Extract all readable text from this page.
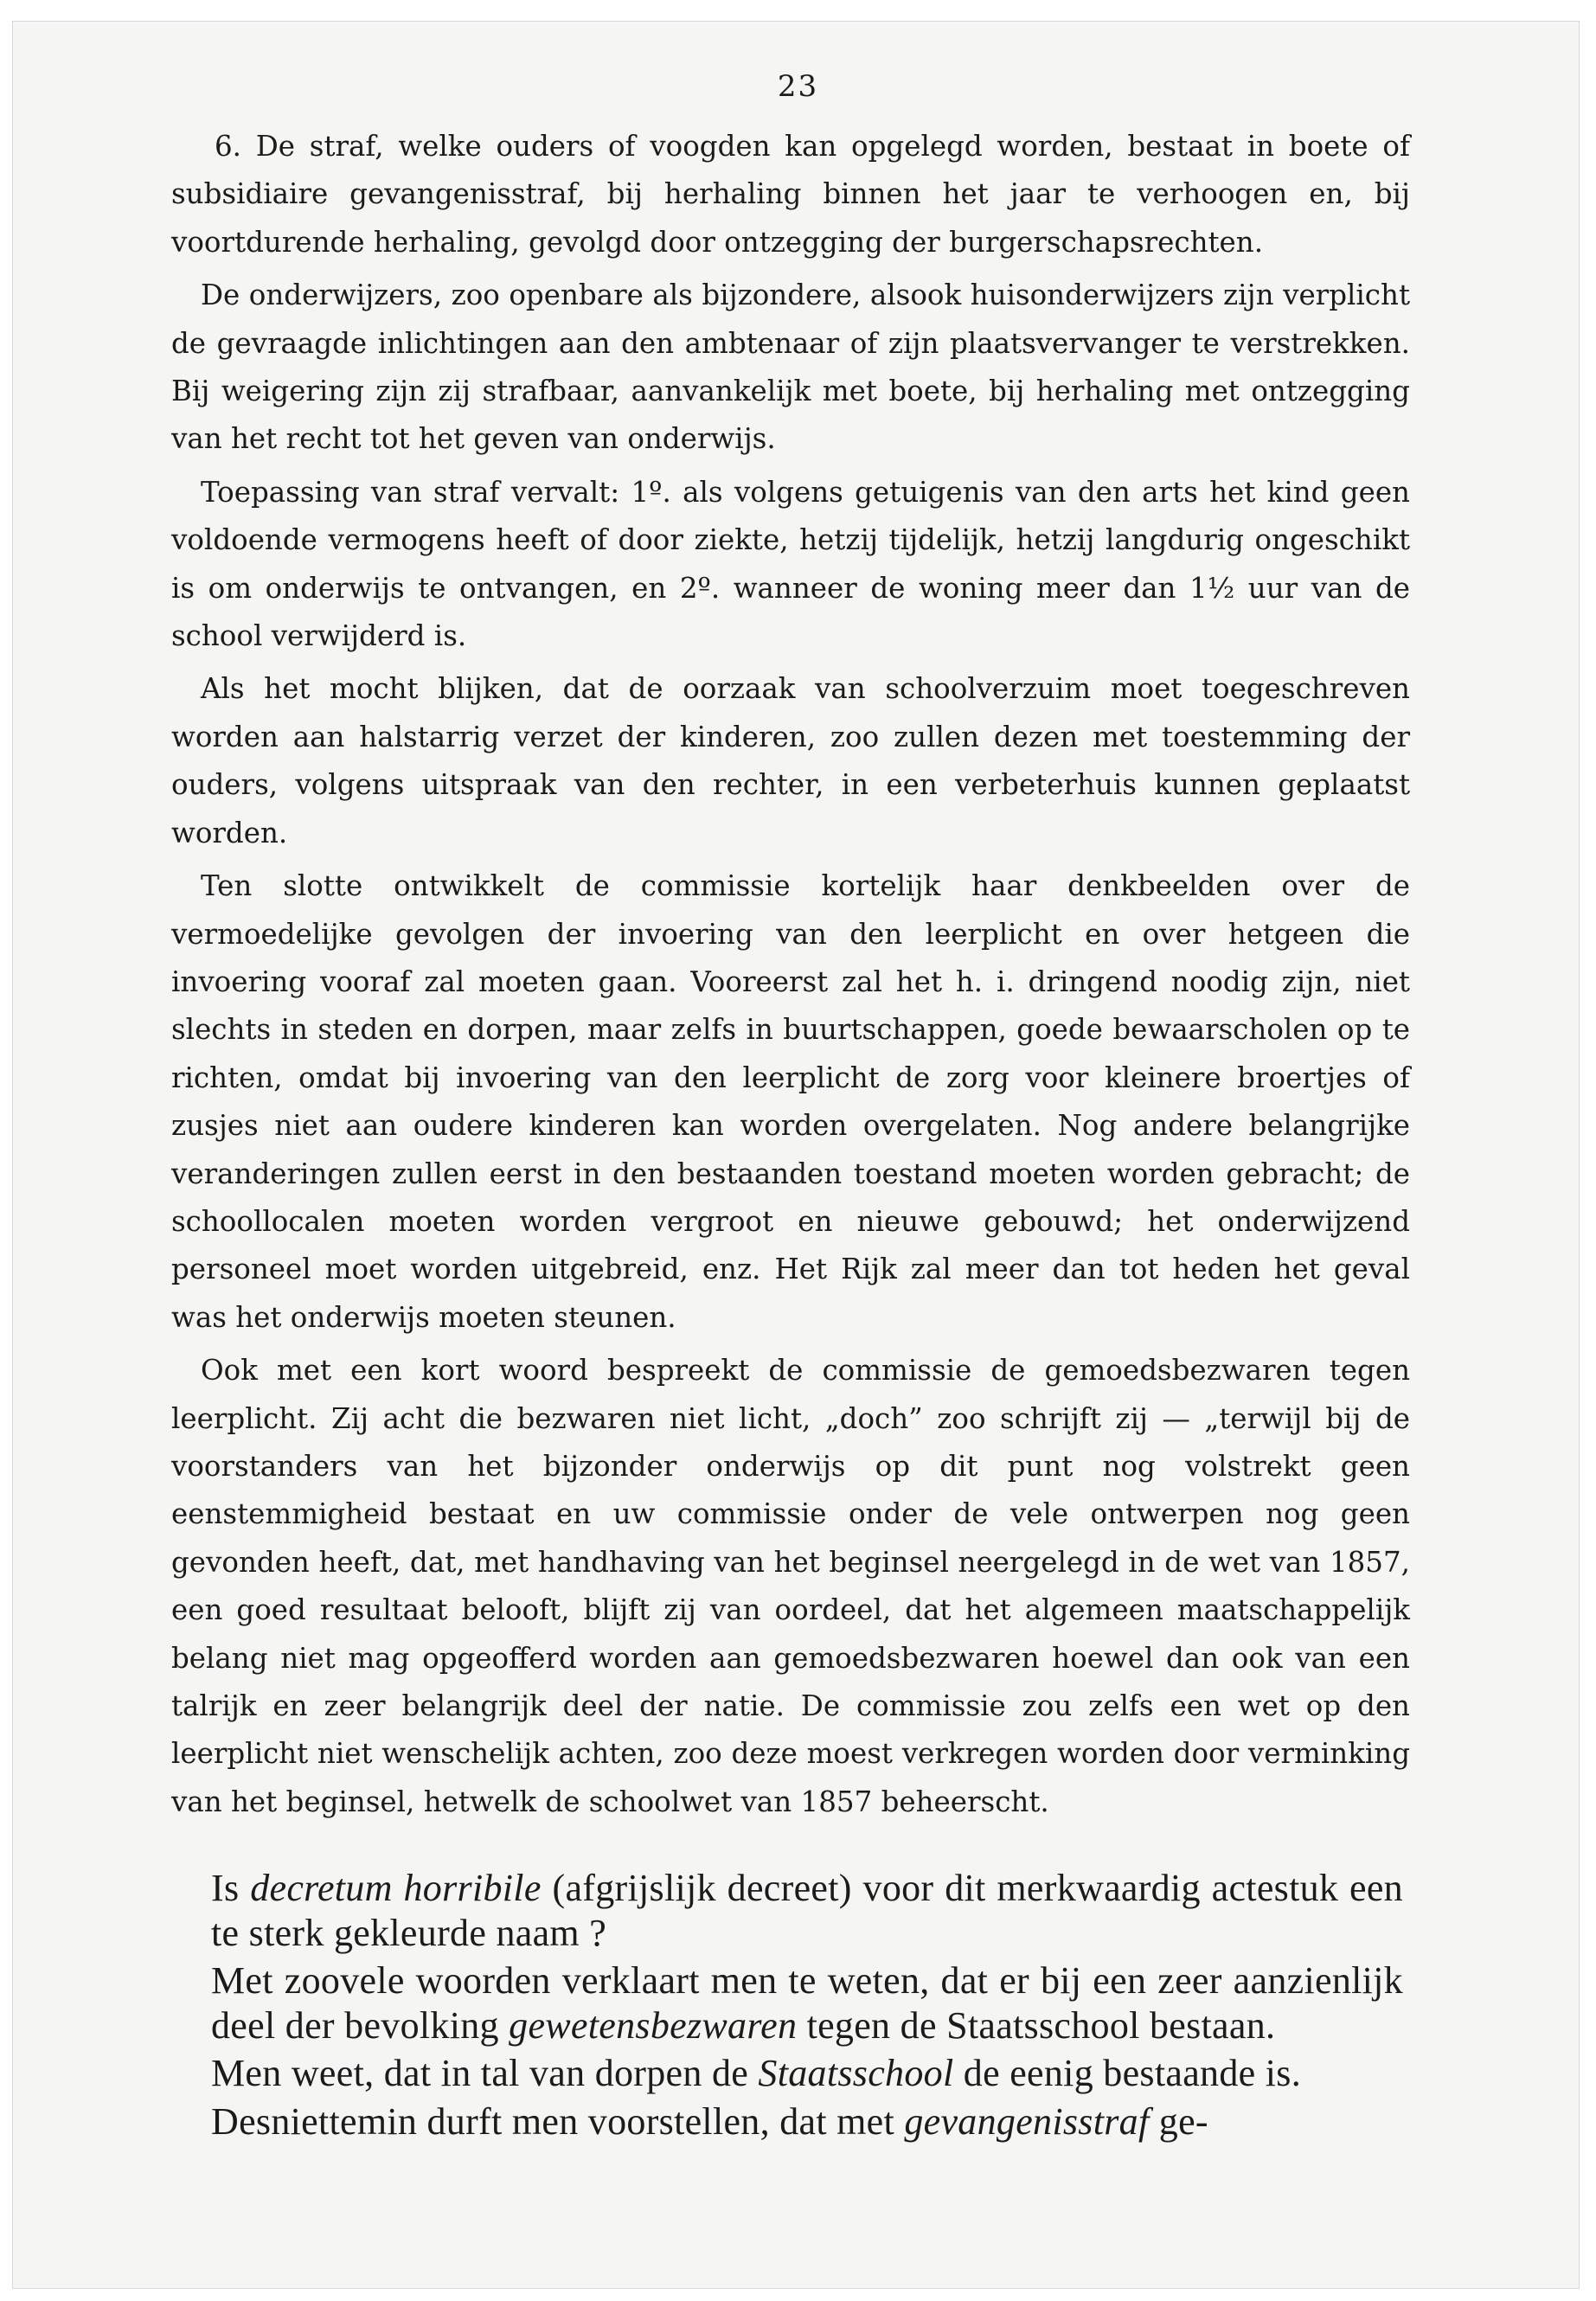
23

6. De straf, welke ouders of voogden kan opgelegd worden, bestaat in boete of subsidiaire gevangenisstraf, bij herhaling binnen het jaar te verhoogen en, bij voortdurende herhaling, gevolgd door ontzegging der burgerschapsrechten.

De onderwijzers, zoo openbare als bijzondere, alsook huisonderwijzers zijn verplicht de gevraagde inlichtingen aan den ambtenaar of zijn plaatsvervanger te verstrekken. Bij weigering zijn zij strafbaar, aanvankelijk met boete, bij herhaling met ontzegging van het recht tot het geven van onderwijs.

Toepassing van straf vervalt: 1º. als volgens getuigenis van den arts het kind geen voldoende vermogens heeft of door ziekte, hetzij tijdelijk, hetzij langdurig ongeschikt is om onderwijs te ontvangen, en 2º. wanneer de woning meer dan 1½ uur van de school verwijderd is.

Als het mocht blijken, dat de oorzaak van schoolverzuim moet toegeschreven worden aan halstarrig verzet der kinderen, zoo zullen dezen met toestemming der ouders, volgens uitspraak van den rechter, in een verbeterhuis kunnen geplaatst worden.

Ten slotte ontwikkelt de commissie kortelijk haar denkbeelden over de vermoedelijke gevolgen der invoering van den leerplicht en over hetgeen die invoering vooraf zal moeten gaan. Vooreerst zal het h. i. dringend noodig zijn, niet slechts in steden en dorpen, maar zelfs in buurtschappen, goede bewaarscholen op te richten, omdat bij invoering van den leerplicht de zorg voor kleinere broertjes of zusjes niet aan oudere kinderen kan worden overgelaten. Nog andere belangrijke veranderingen zullen eerst in den bestaanden toestand moeten worden gebracht; de schoollocalen moeten worden vergroot en nieuwe gebouwd; het onderwijzend personeel moet worden uitgebreid, enz. Het Rijk zal meer dan tot heden het geval was het onderwijs moeten steunen.

Ook met een kort woord bespreekt de commissie de gemoedsbezwaren tegen leerplicht. Zij acht die bezwaren niet licht, „doch” zoo schrijft zij — „terwijl bij de voorstanders van het bijzonder onderwijs op dit punt nog volstrekt geen eenstemmigheid bestaat en uw commissie onder de vele ontwerpen nog geen gevonden heeft, dat, met handhaving van het beginsel neergelegd in de wet van 1857, een goed resultaat belooft, blijft zij van oordeel, dat het algemeen maatschappelijk belang niet mag opgeofferd worden aan gemoedsbezwaren hoewel dan ook van een talrijk en zeer belangrijk deel der natie. De commissie zou zelfs een wet op den leerplicht niet wenschelijk achten, zoo deze moest verkregen worden door verminking van het beginsel, hetwelk de schoolwet van 1857 beheerscht.

Is decretum horribile (afgrijslijk decreet) voor dit merkwaardig actestuk een te sterk gekleurde naam ?

Met zoovele woorden verklaart men te weten, dat er bij een zeer aanzienlijk deel der bevolking gewetensbezwaren tegen de Staatsschool bestaan.

Men weet, dat in tal van dorpen de Staatsschool de eenig bestaande is.

Desniettemin durft men voorstellen, dat met gevangenisstraf ge-
